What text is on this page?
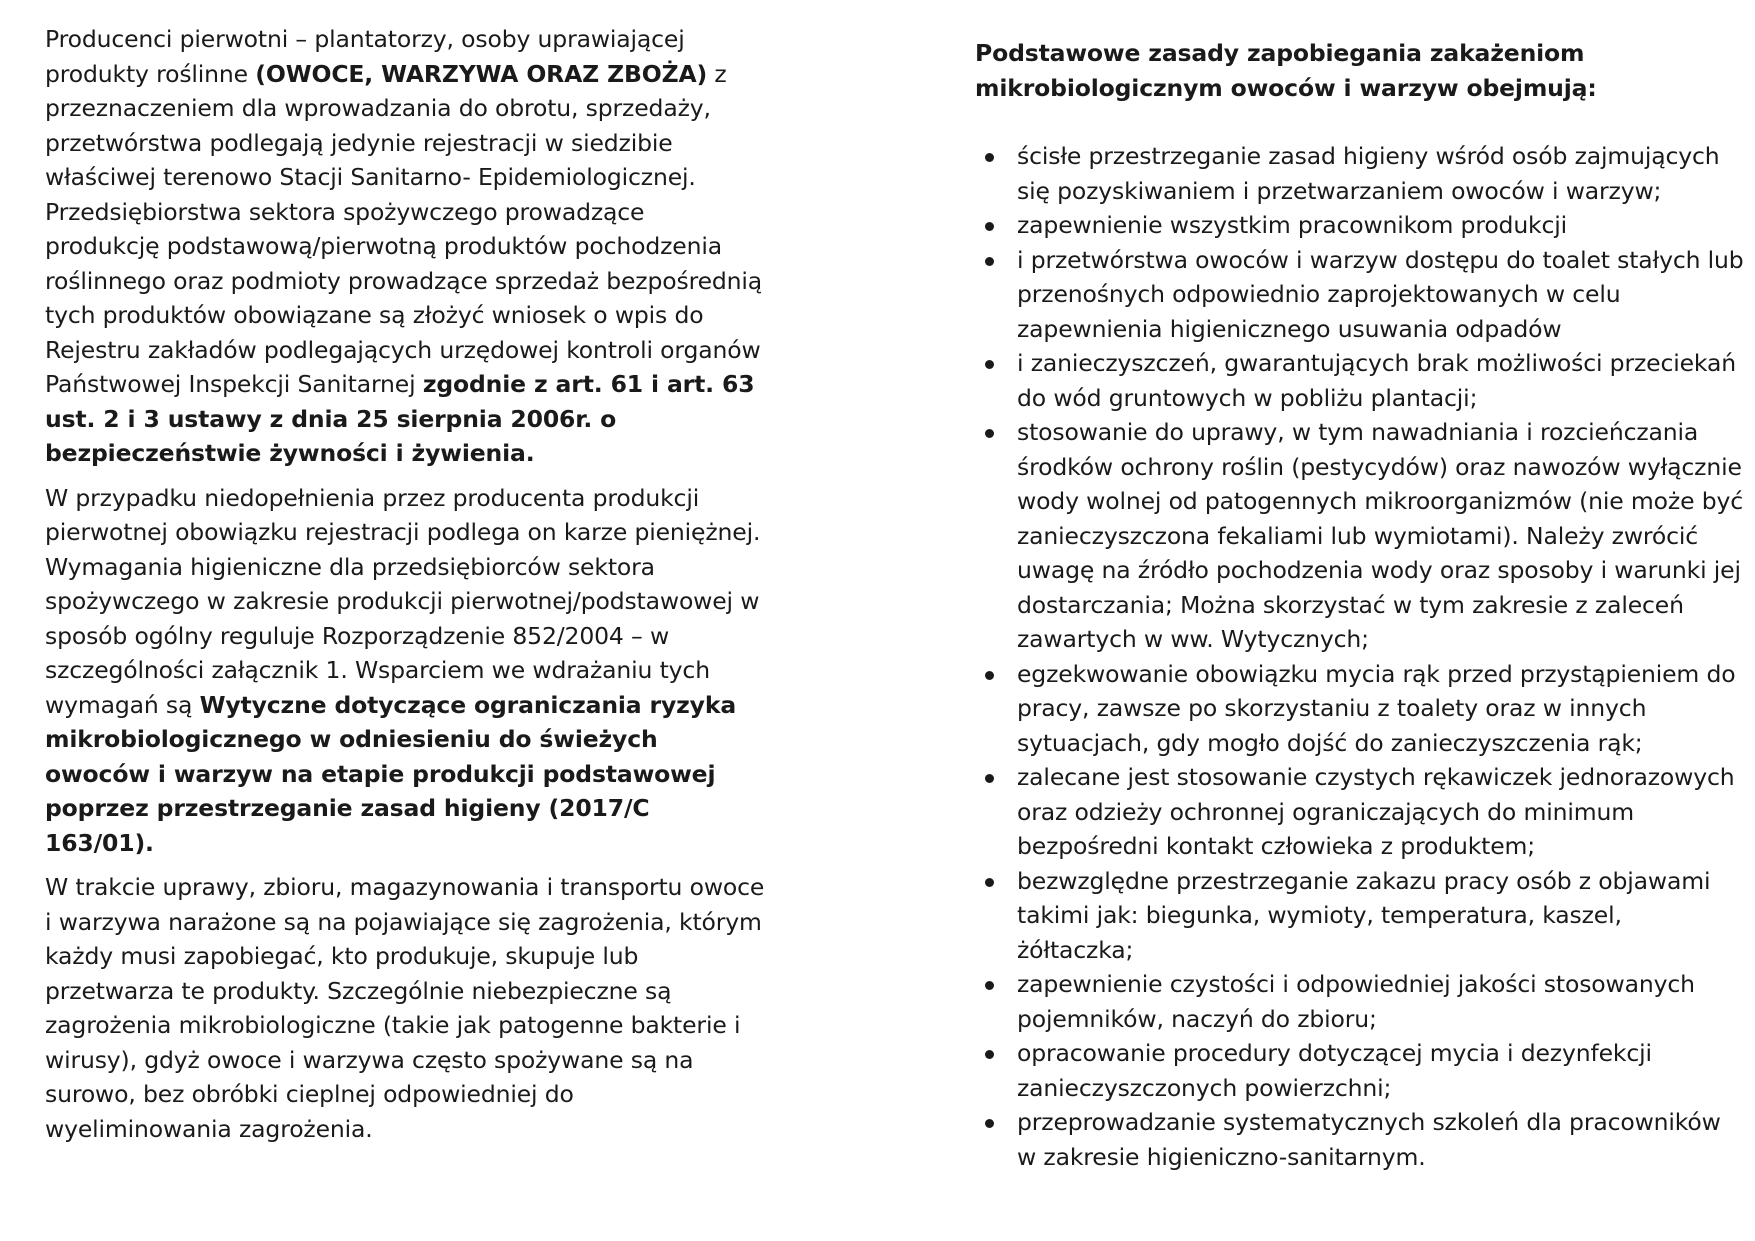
Producenci pierwotni – plantatorzy, osoby uprawiającej produkty roślinne (OWOCE, WARZYWA ORAZ ZBOŻA) z przeznaczeniem dla wprowadzania do obrotu, sprzedaży, przetwórstwa podlegają jedynie rejestracji w siedzibie właściwej terenowo Stacji Sanitarno- Epidemiologicznej.
Przedsiębiorstwa sektora spożywczego prowadzące produkcję podstawową/pierwotną produktów pochodzenia roślinnego oraz podmioty prowadzące sprzedaż bezpośrednią tych produktów obowiązane są złożyć wniosek o wpis do Rejestru zakładów podlegających urzędowej kontroli organów Państwowej Inspekcji Sanitarnej zgodnie z art. 61 i art. 63 ust. 2 i 3 ustawy z dnia 25 sierpnia 2006r. o bezpieczeństwie żywności i żywienia.

W przypadku niedopełnienia przez producenta produkcji pierwotnej obowiązku rejestracji podlega on karze pieniężnej. Wymagania higieniczne dla przedsiębiorców sektora spożywczego w zakresie produkcji pierwotnej/podstawowej w sposób ogólny reguluje Rozporządzenie 852/2004 – w szczególności załącznik 1. Wsparciem we wdrażaniu tych wymagań są Wytyczne dotyczące ograniczania ryzyka mikrobiologicznego w odniesieniu do świeżych owoców i warzyw na etapie produkcji podstawowej poprzez przestrzeganie zasad higieny (2017/C 163/01).

W trakcie uprawy, zbioru, magazynowania i transportu owoce i warzywa narażone są na pojawiające się zagrożenia, którym każdy musi zapobiegać, kto produkuje, skupuje lub przetwarza te produkty. Szczególnie niebezpieczne są zagrożenia mikrobiologiczne (takie jak patogenne bakterie i wirusy), gdyż owoce i warzywa często spożywane są na surowo, bez obróbki cieplnej odpowiedniej do wyeliminowania zagrożenia.

Podstawowe zasady zapobiegania zakażeniom mikrobiologicznym owoców i warzyw obejmują:
ścisłe przestrzeganie zasad higieny wśród osób zajmujących się pozyskiwaniem i przetwarzaniem owoców i warzyw;
zapewnienie wszystkim pracownikom produkcji
i przetwórstwa owoców i warzyw dostępu do toalet stałych lub przenośnych odpowiednio zaprojektowanych w celu zapewnienia higienicznego usuwania odpadów
i zanieczyszczeń, gwarantujących brak możliwości przeciekań do wód gruntowych w pobliżu plantacji;
stosowanie do uprawy, w tym nawadniania i rozcieńczania środków ochrony roślin (pestycydów) oraz nawozów wyłącznie wody wolnej od patogennych mikroorganizmów (nie może być zanieczyszczona fekaliami lub wymiotami). Należy zwrócić uwagę na źródło pochodzenia wody oraz sposoby i warunki jej dostarczania; Można skorzystać w tym zakresie z zaleceń zawartych w ww. Wytycznych;
egzekwowanie obowiązku mycia rąk przed przystąpieniem do pracy, zawsze po skorzystaniu z toalety oraz w innych sytuacjach, gdy mogło dojść do zanieczyszczenia rąk;
zalecane jest stosowanie czystych rękawiczek jednorazowych oraz odzieży ochronnej ograniczających do minimum bezpośredni kontakt człowieka z produktem;
bezwzględne przestrzeganie zakazu pracy osób z objawami takimi jak: biegunka, wymioty, temperatura, kaszel, żółtaczka;
zapewnienie czystości i odpowiedniej jakości stosowanych pojemników, naczyń do zbioru;
opracowanie procedury dotyczącej mycia i dezynfekcji zanieczyszczonych powierzchni;
przeprowadzanie systematycznych szkoleń dla pracowników w zakresie higieniczno-sanitarnym.
